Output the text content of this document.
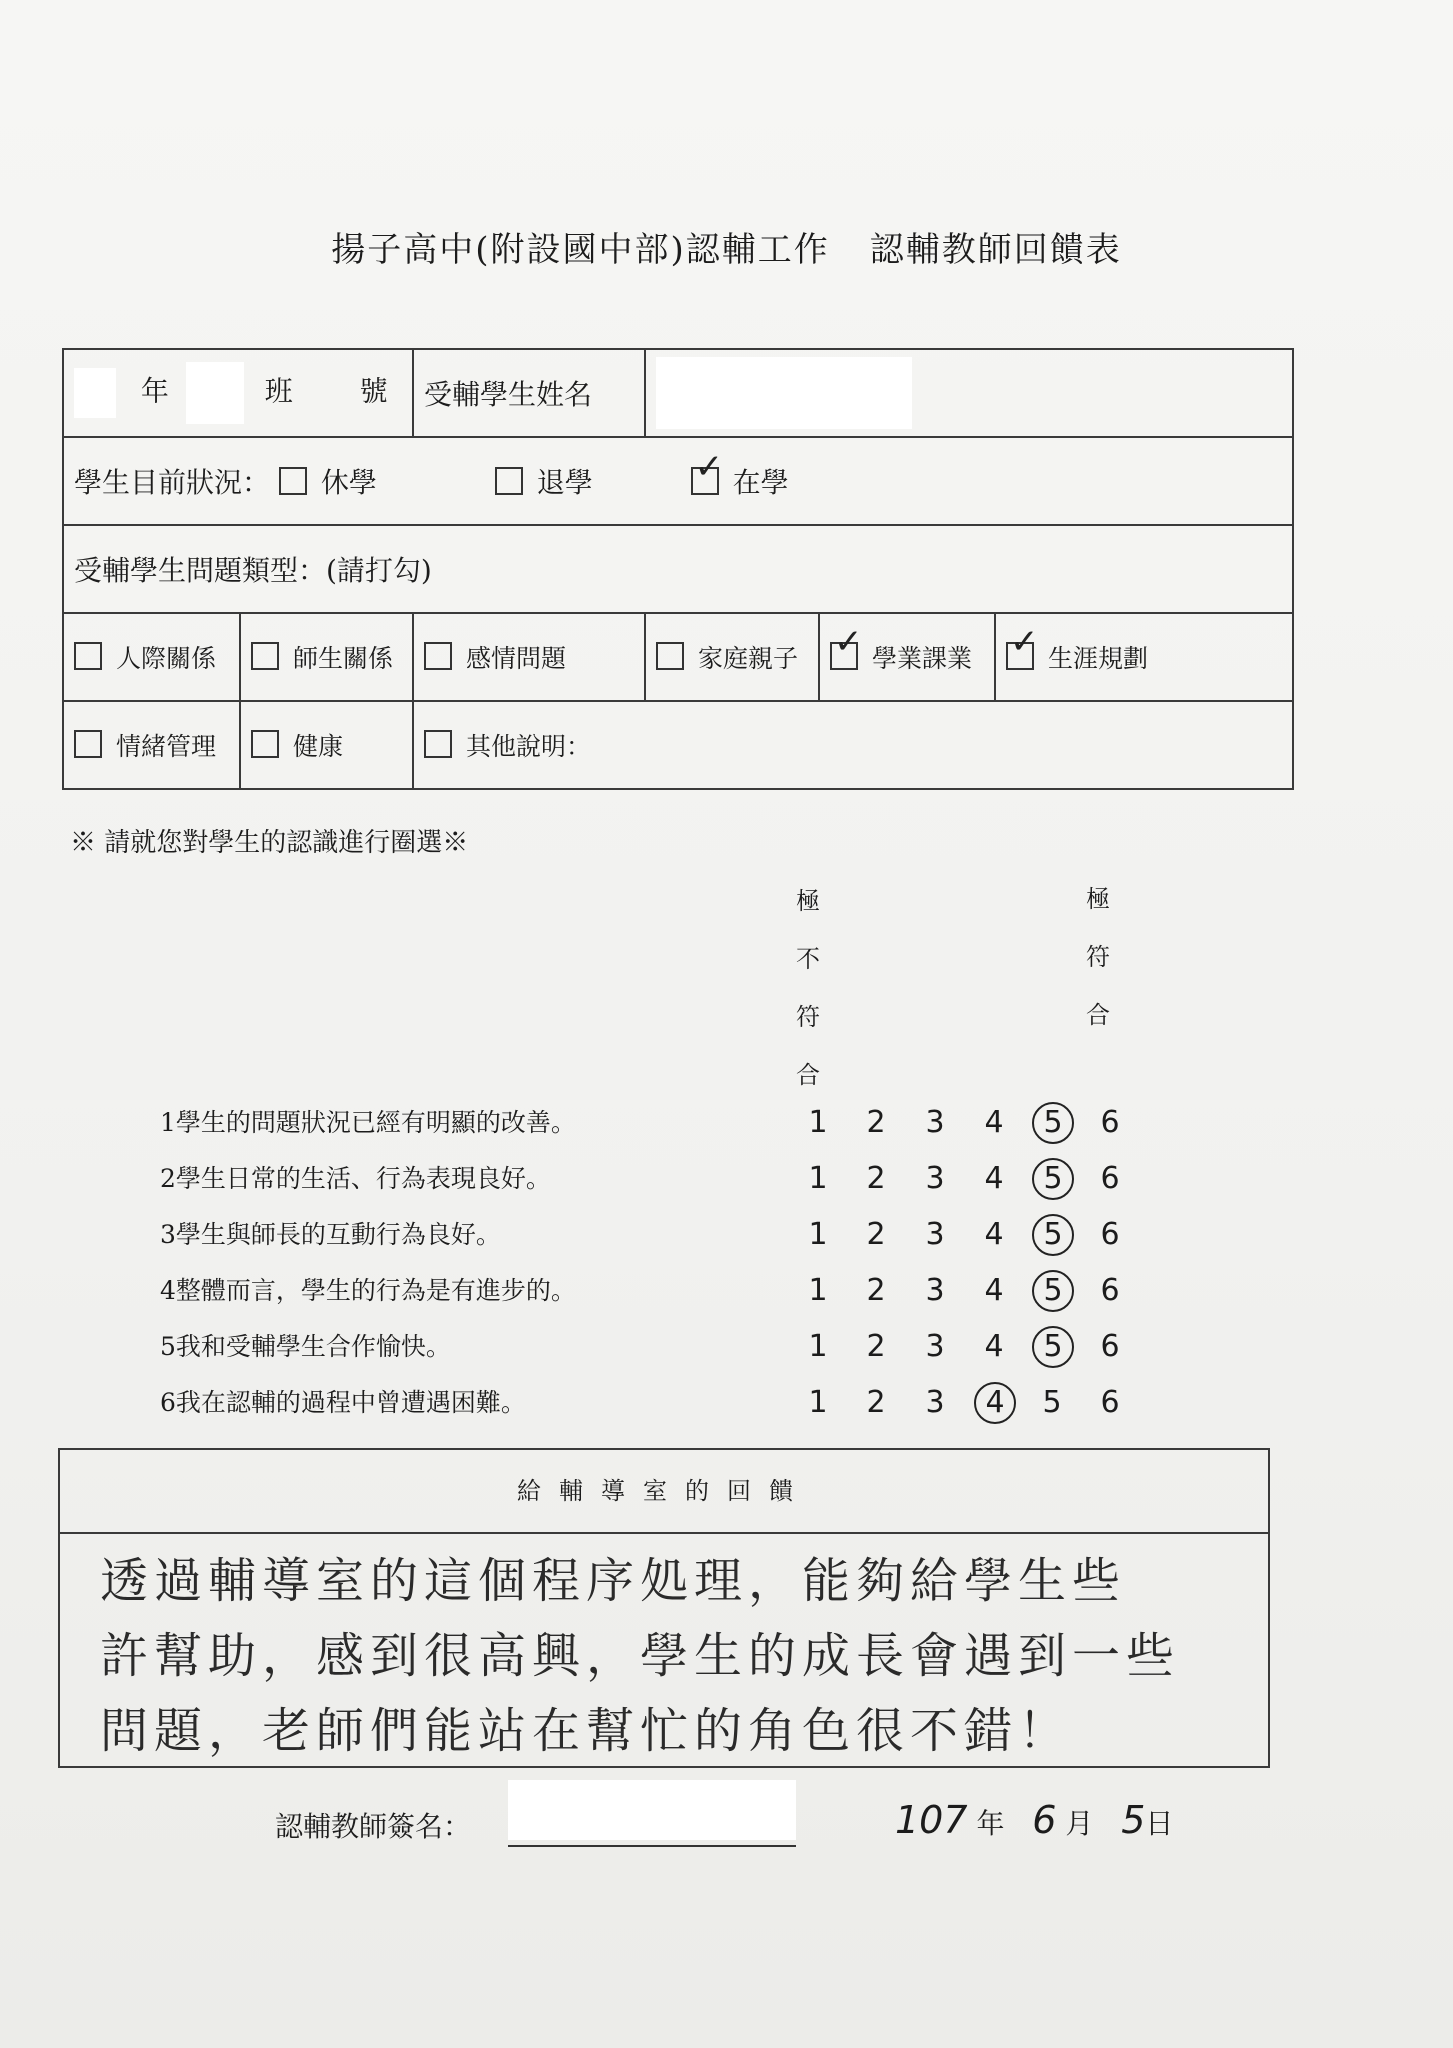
揚子高中(附設國中部)認輔工作 認輔教師回饋表
年 班 號		受輔學生姓名			
學生目前狀況： 休學 退學 ✓ 在學
受輔學生問題類型：(請打勾)					
人際關係	師生關係	感情問題	家庭親子	✓學業課業	✓生涯規劃
情緒管理	健康	其他說明：			
※ 請就您對學生的認識進行圈選※
極
不
符
合
極
符
合
1學生的問題狀況已經有明顯的改善。	1	2	3	4	5	6
2學生日常的生活、行為表現良好。	1	2	3	4	5	6
3學生與師長的互動行為良好。	1	2	3	4	5	6
4整體而言，學生的行為是有進步的。	1	2	3	4	5	6
5我和受輔學生合作愉快。	1	2	3	4	5	6
6我在認輔的過程中曾遭遇困難。	1	2	3	4	5	6
給輔導室的回饋
透過輔導室的這個程序処理，能夠給學生些
許幫助，感到很高興，學生的成長會遇到一些
問題，老師們能站在幫忙的角色很不錯！
認輔教師簽名：	107 年 6 月 5日
